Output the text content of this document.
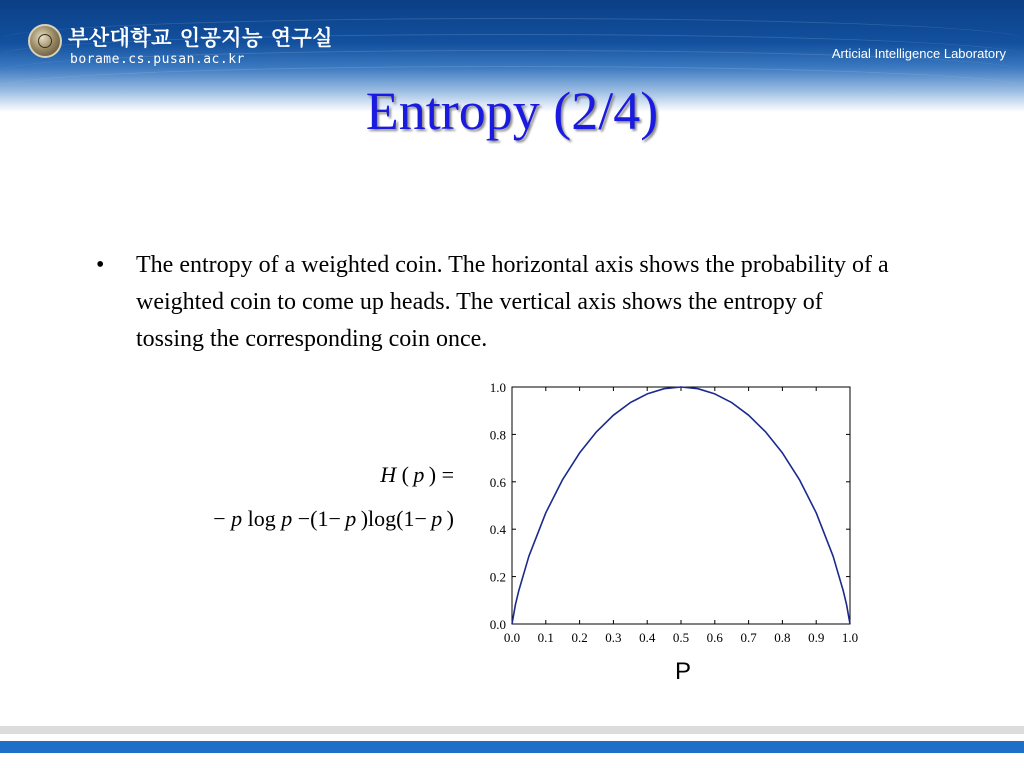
부산대학교 인공지능 연구실
borame.cs.pusan.ac.kr	Articial Intelligence Laboratory
Entropy (2/4)
• The entropy of a weighted coin. The horizontal axis shows the probability of a weighted coin to come up heads. The vertical axis shows the entropy of tossing the corresponding coin once.
H ( p  ) =
− p log p −(1−  p  )log(1−  p  )
0.0 0.1 0.2 0.3 0.4 0.5 0.6 0.7 0.8 0.9 1.0
0.0
0.2
0.4
0.6
0.8
1.0
P
